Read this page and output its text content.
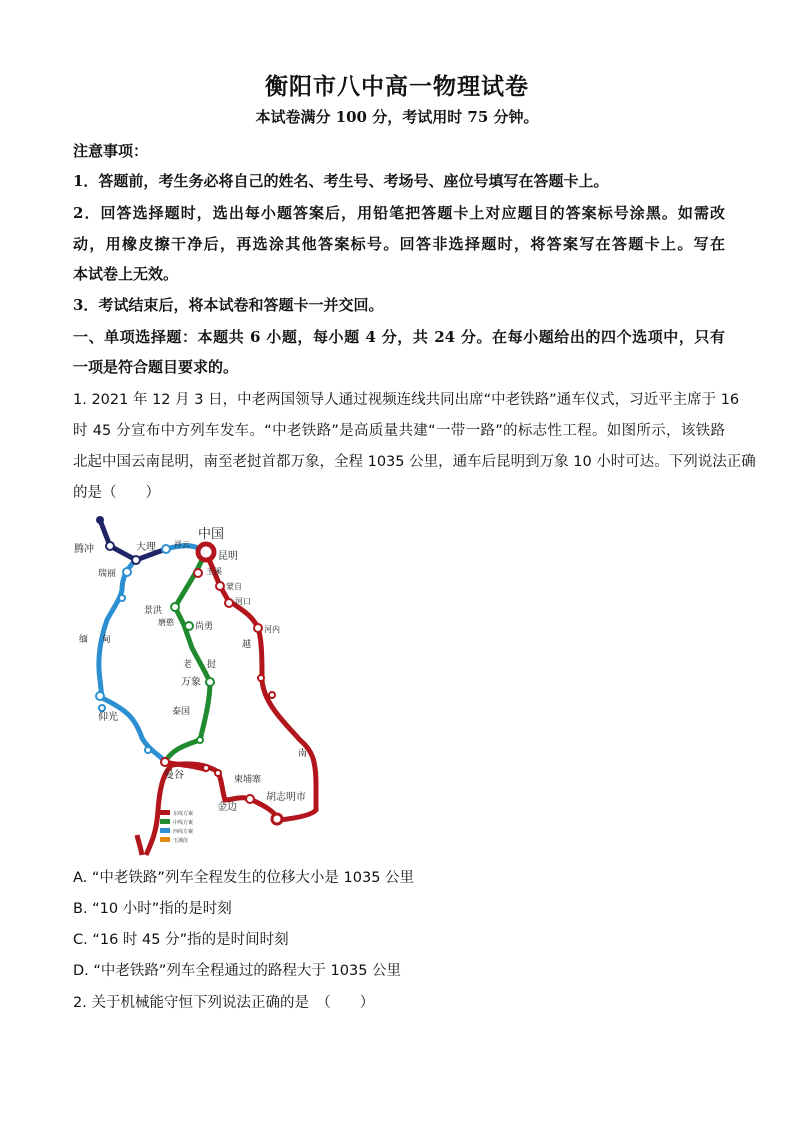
衡阳市八中高一物理试卷
本试卷满分 100 分，考试用时 75 分钟。
注意事项：
1．答题前，考生务必将自己的姓名、考生号、考场号、座位号填写在答题卡上。
2．回答选择题时，选出每小题答案后，用铅笔把答题卡上对应题目的答案标号涂黑。如需改
动，用橡皮擦干净后，再选涂其他答案标号。回答非选择题时，将答案写在答题卡上。写在
本试卷上无效。
3．考试结束后，将本试卷和答题卡一并交回。
一、单项选择题：本题共 6 小题，每小题 4 分，共 24 分。在每小题给出的四个选项中，只有
一项是符合题目要求的。
1. 2021 年 12 月 3 日，中老两国领导人通过视频连线共同出席“中老铁路”通车仪式，习近平主席于 16
时 45 分宣布中方列车发车。“中老铁路”是高质量共建“一带一路”的标志性工程。如图所示，该铁路
北起中国云南昆明，南至老挝首都万象，全程 1035 公里，通车后昆明到万象 10 小时可达。下列说法正确
的是（　　）
中国
昆明
玉溪
蒙自
河口
河内
越
南
腾冲	大理 祥云
瑞丽
缅 甸
仰光
景洪
磨憨 尚勇
老 挝
万象
泰国
曼谷	柬埔寨
胡志明市
金边
东线方案
中线方案
西线方案
玉溪段
A. “中老铁路”列车全程发生的位移大小是 1035 公里
B. “10 小时”指的是时刻
C. “16 时 45 分”指的是时间时刻
D. “中老铁路”列车全程通过的路程大于 1035 公里
2. 关于机械能守恒下列说法正确的是　（　　）
